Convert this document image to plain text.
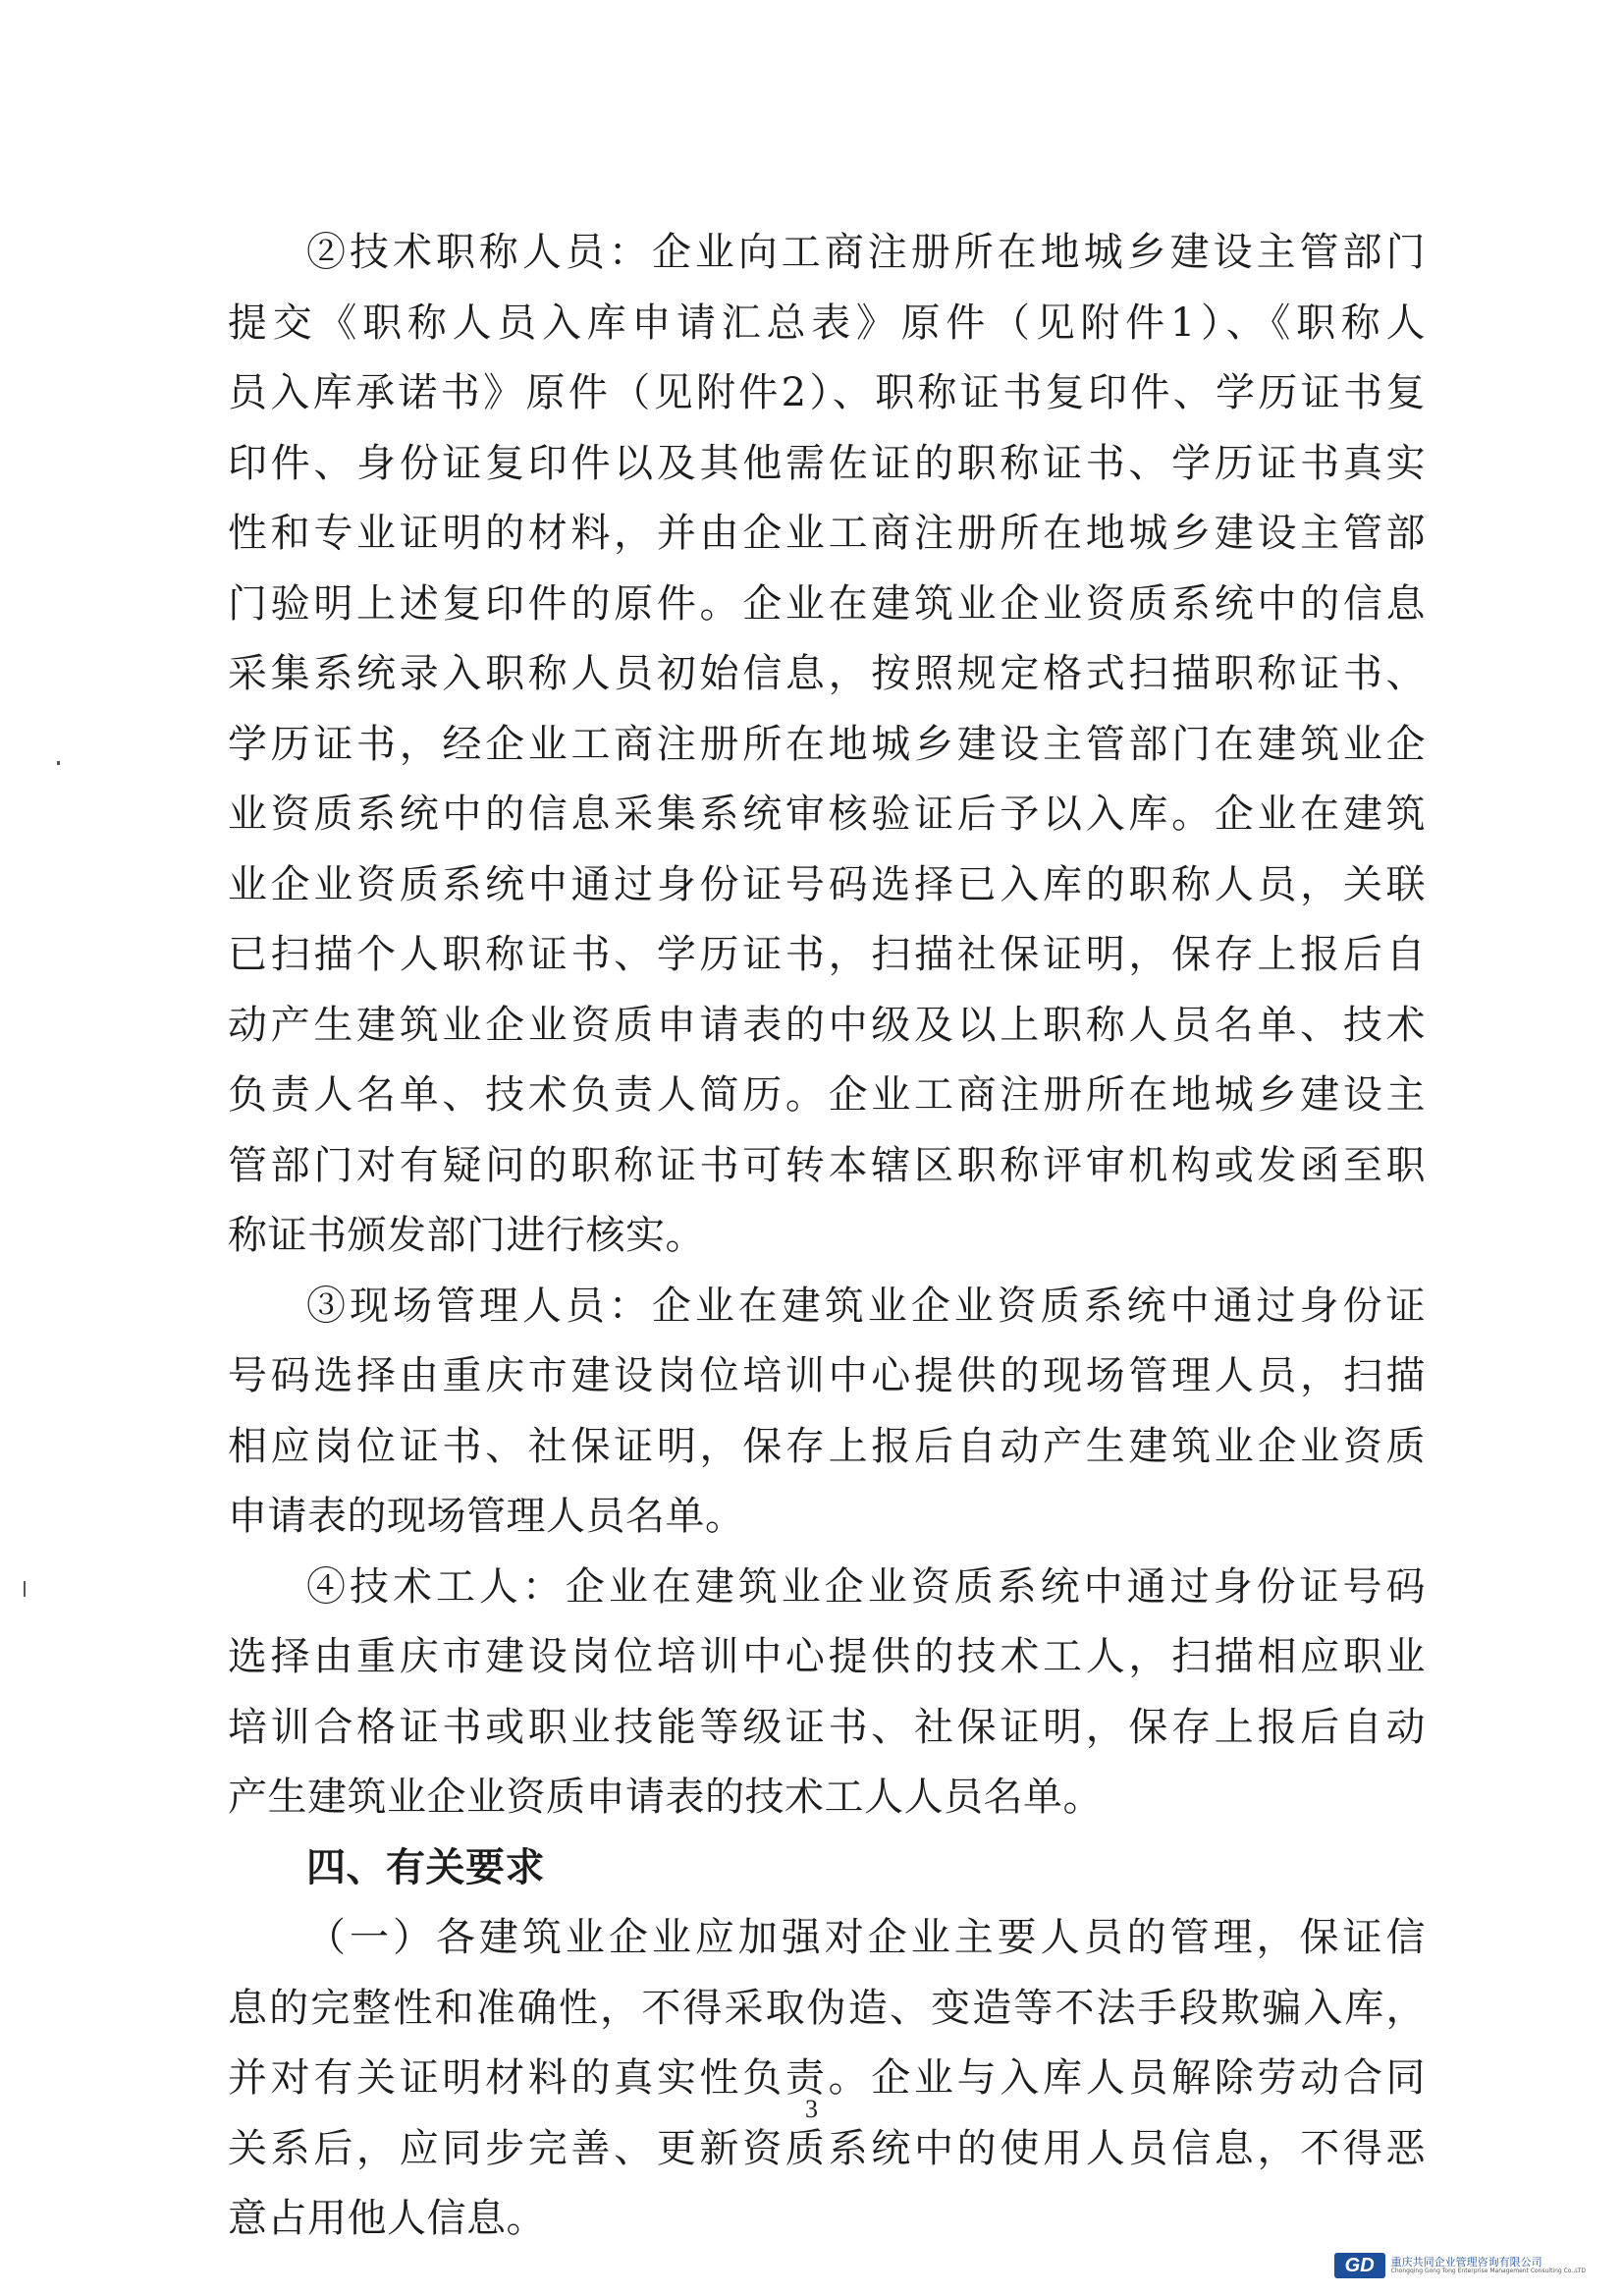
②技术职称人员：企业向工商注册所在地城乡建设主管部门
提交《职称人员入库申请汇总表》原件（见附件1）、《职称人
员入库承诺书》原件（见附件2）、职称证书复印件、学历证书复
印件、身份证复印件以及其他需佐证的职称证书、学历证书真实
性和专业证明的材料，并由企业工商注册所在地城乡建设主管部
门验明上述复印件的原件。企业在建筑业企业资质系统中的信息
采集系统录入职称人员初始信息，按照规定格式扫描职称证书、
学历证书，经企业工商注册所在地城乡建设主管部门在建筑业企
业资质系统中的信息采集系统审核验证后予以入库。企业在建筑
业企业资质系统中通过身份证号码选择已入库的职称人员，关联
已扫描个人职称证书、学历证书，扫描社保证明，保存上报后自
动产生建筑业企业资质申请表的中级及以上职称人员名单、技术
负责人名单、技术负责人简历。企业工商注册所在地城乡建设主
管部门对有疑问的职称证书可转本辖区职称评审机构或发函至职
称证书颁发部门进行核实。
③现场管理人员：企业在建筑业企业资质系统中通过身份证
号码选择由重庆市建设岗位培训中心提供的现场管理人员，扫描
相应岗位证书、社保证明，保存上报后自动产生建筑业企业资质
申请表的现场管理人员名单。
④技术工人：企业在建筑业企业资质系统中通过身份证号码
选择由重庆市建设岗位培训中心提供的技术工人，扫描相应职业
培训合格证书或职业技能等级证书、社保证明，保存上报后自动
产生建筑业企业资质申请表的技术工人人员名单。
四、有关要求
（一）各建筑业企业应加强对企业主要人员的管理，保证信
息的完整性和准确性，不得采取伪造、变造等不法手段欺骗入库，
并对有关证明材料的真实性负责。企业与入库人员解除劳动合同
关系后，应同步完善、更新资质系统中的使用人员信息，不得恶
意占用他人信息。
3
GD	重庆共同企业管理咨询有限公司
Chongqing Gong Tong Enterprise Management Consulting Co.,LTD
